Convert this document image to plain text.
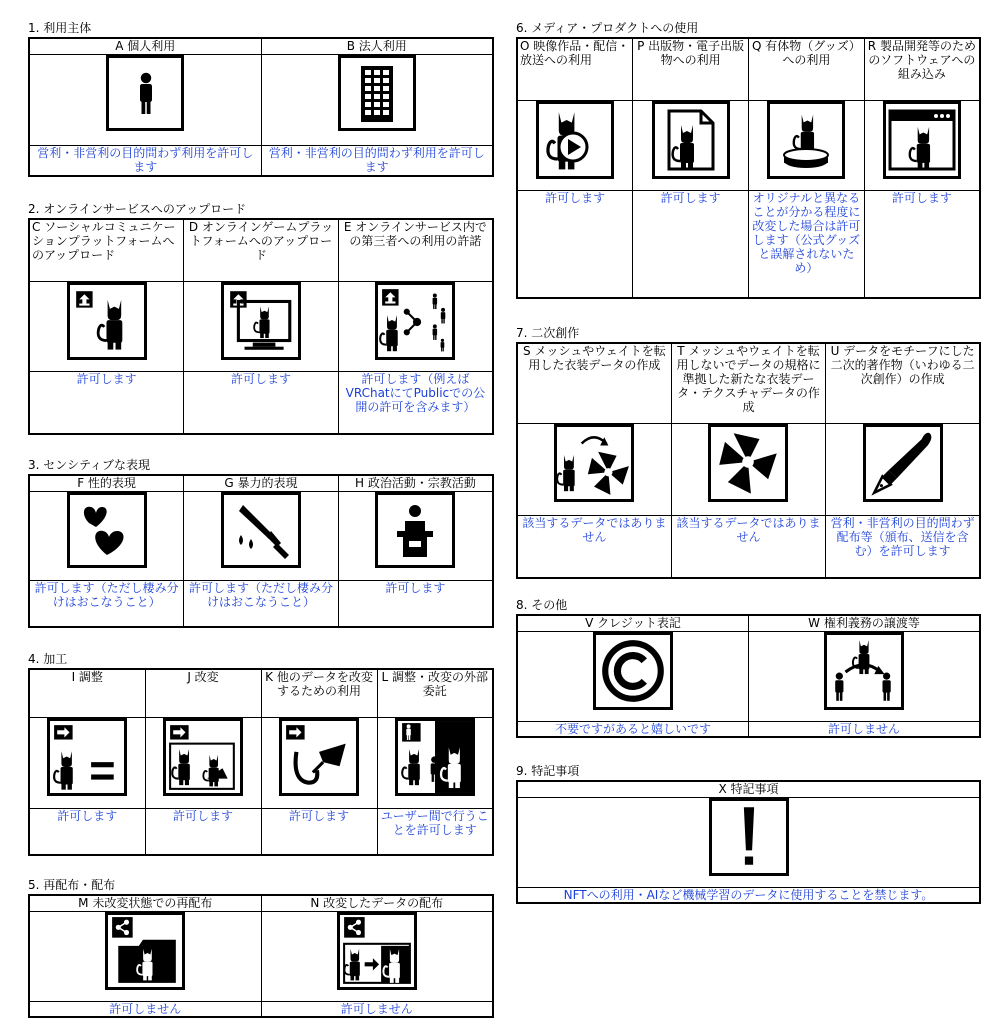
1. 利用主体
A 個人利用	B 法人利用

営利・非営利の目的問わず利用を許可します	営利・非営利の目的問わず利用を許可します
2. オンラインサービスへのアップロード
C ソーシャルコミュニケーションプラットフォームへのアップロード	D オンラインゲームプラットフォームへのアップロード	E オンラインサービス内での第三者への利用の許諾

許可します	許可します	許可します（例えばVRChatにてPublicでの公開の許可を含みます）
3. センシティブな表現
F 性的表現	G 暴力的表現	H 政治活動・宗教活動

許可します（ただし棲み分けはおこなうこと）	許可します（ただし棲み分けはおこなうこと）	許可します
4. 加工
I 調整	J 改変	K 他のデータを改変するための利用	L 調整・改変の外部委託

許可します	許可します	許可します	ユーザー間で行うことを許可します
5. 再配布・配布
M 未改変状態での再配布	N 改変したデータの配布

許可しません	許可しません
6. メディア・プロダクトへの使用
O 映像作品・配信・放送への利用	P 出版物・電子出版物への利用	Q 有体物（グッズ）への利用	R 製品開発等のためのソフトウェアへの組み込み

許可します	許可します	オリジナルと異なることが分かる程度に改変した場合は許可します（公式グッズと誤解されないため）	許可します
7. 二次創作
S メッシュやウェイトを転用した衣装データの作成	T メッシュやウェイトを転用しないでデータの規格に準拠した新たな衣装データ・テクスチャデータの作成	U データをモチーフにした二次的著作物（いわゆる二次創作）の作成

該当するデータではありません	該当するデータではありません	営利・非営利の目的問わず配布等（頒布、送信を含む）を許可します
8. その他
V クレジット表記	W 権利義務の譲渡等

不要ですがあると嬉しいです	許可しません
9. 特記事項
X 特記事項

NFTへの利用・AIなど機械学習のデータに使用することを禁じます。
